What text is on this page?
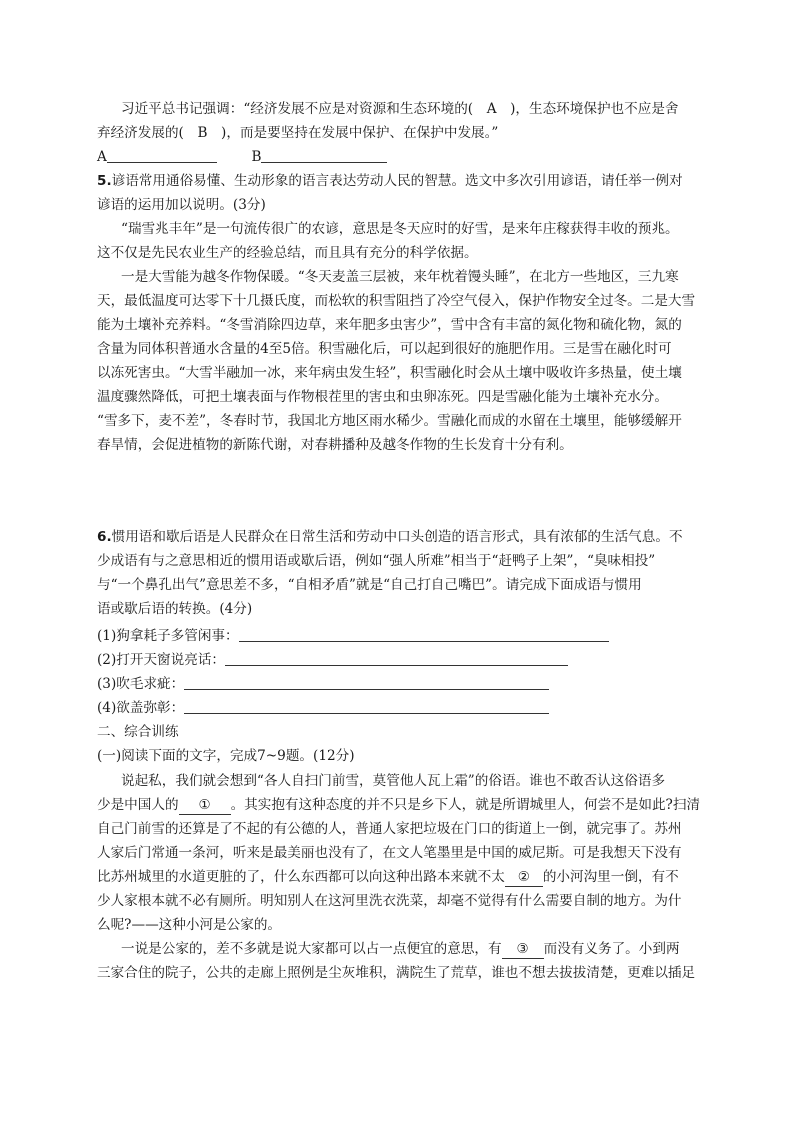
习近平总书记强调：“经济发展不应是对资源和生态环境的(　A　)，生态环境保护也不应是舍
弃经济发展的(　B　)，而是要坚持在发展中保护、在保护中发展。”
A	B
5.谚语常用通俗易懂、生动形象的语言表达劳动人民的智慧。选文中多次引用谚语，请任举一例对
谚语的运用加以说明。(3分)
“瑞雪兆丰年”是一句流传很广的农谚，意思是冬天应时的好雪，是来年庄稼获得丰收的预兆。
这不仅是先民农业生产的经验总结，而且具有充分的科学依据。
一是大雪能为越冬作物保暖。“冬天麦盖三层被，来年枕着馒头睡”，在北方一些地区，三九寒
天，最低温度可达零下十几摄氏度，而松软的积雪阻挡了冷空气侵入，保护作物安全过冬。二是大雪
能为土壤补充养料。“冬雪消除四边草，来年肥多虫害少”，雪中含有丰富的氮化物和硫化物，氮的
含量为同体积普通水含量的4至5倍。积雪融化后，可以起到很好的施肥作用。三是雪在融化时可
以冻死害虫。“大雪半融加一冰，来年病虫发生轻”，积雪融化时会从土壤中吸收许多热量，使土壤
温度骤然降低，可把土壤表面与作物根茬里的害虫和虫卵冻死。四是雪融化能为土壤补充水分。
“雪多下，麦不差”，冬春时节，我国北方地区雨水稀少。雪融化而成的水留在土壤里，能够缓解开
春旱情，会促进植物的新陈代谢，对春耕播种及越冬作物的生长发育十分有利。
6.惯用语和歇后语是人民群众在日常生活和劳动中口头创造的语言形式，具有浓郁的生活气息。不
少成语有与之意思相近的惯用语或歇后语，例如“强人所难”相当于“赶鸭子上架”，“臭味相投”
与“一个鼻孔出气”意思差不多，“自相矛盾”就是“自己打自己嘴巴”。请完成下面成语与惯用
语或歇后语的转换。(4分)
(1)狗拿耗子多管闲事：
(2)打开天窗说亮话：
(3)吹毛求疵：
(4)欲盖弥彰：
二、综合训练
(一)阅读下面的文字，完成7~9题。(12分)
说起私，我们就会想到“各人自扫门前雪，莫管他人瓦上霜”的俗语。谁也不敢否认这俗语多
少是中国人的 ① 。其实抱有这种态度的并不只是乡下人，就是所谓城里人，何尝不是如此?扫清
自己门前雪的还算是了不起的有公德的人，普通人家把垃圾在门口的街道上一倒，就完事了。苏州
人家后门常通一条河，听来是最美丽也没有了，在文人笔墨里是中国的威尼斯。可是我想天下没有
比苏州城里的水道更脏的了，什么东西都可以向这种出路本来就不太 ② 的小河沟里一倒，有不
少人家根本就不必有厕所。明知别人在这河里洗衣洗菜，却毫不觉得有什么需要自制的地方。为什
么呢?——这种小河是公家的。
一说是公家的，差不多就是说大家都可以占一点便宜的意思，有 ③ 而没有义务了。小到两
三家合住的院子，公共的走廊上照例是尘灰堆积，满院生了荒草，谁也不想去拔拔清楚，更难以插足
